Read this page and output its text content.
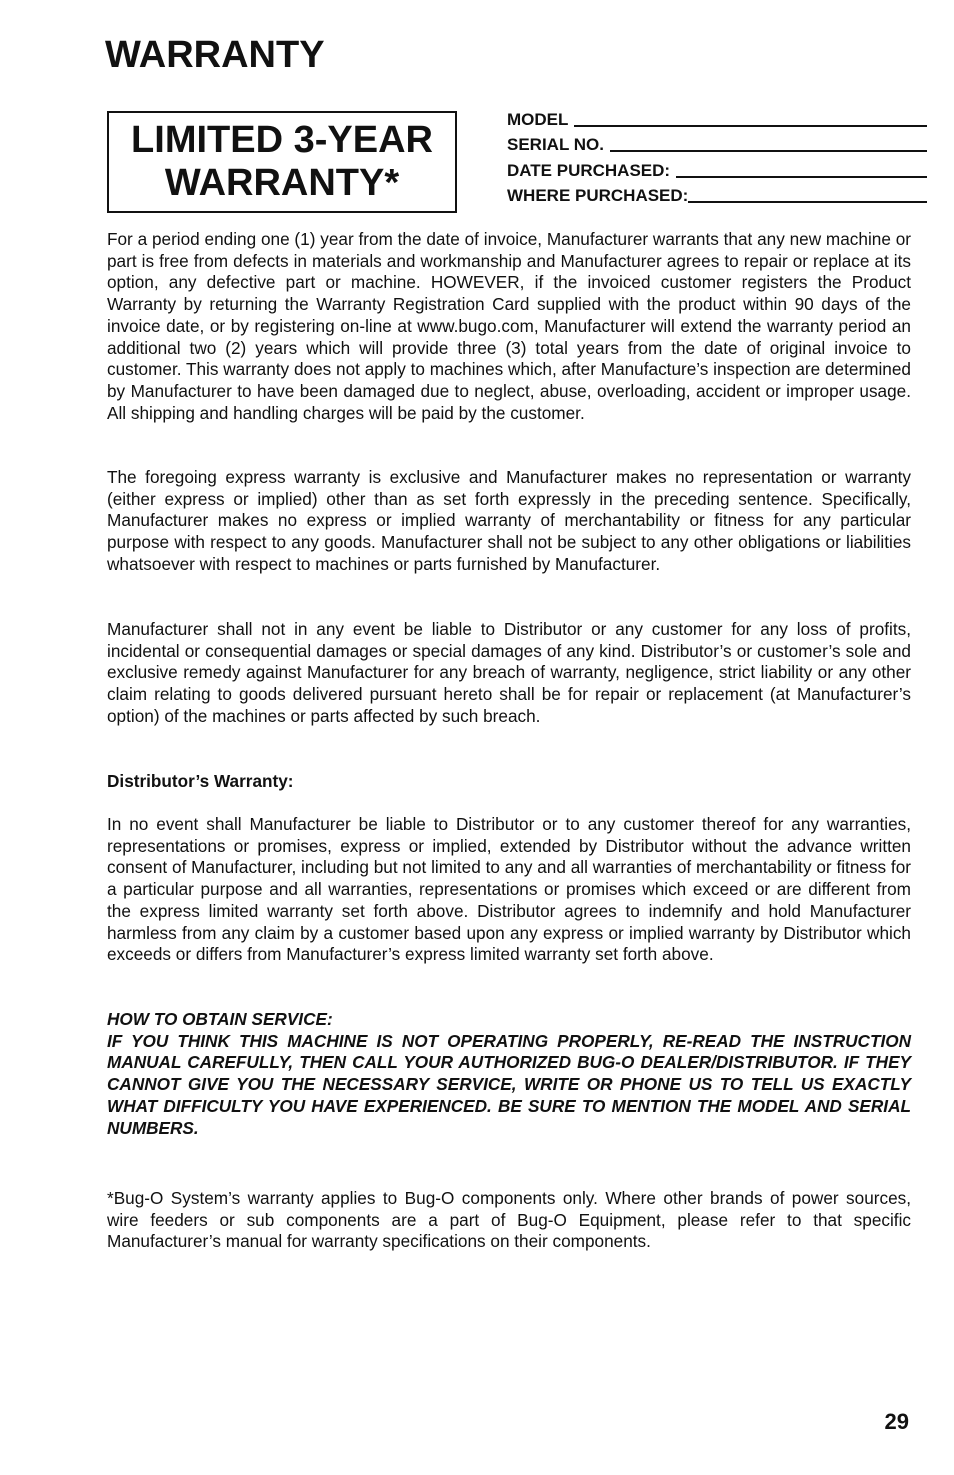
WARRANTY
LIMITED 3-YEAR
WARRANTY*
MODEL
SERIAL NO.
DATE PURCHASED:
WHERE PURCHASED:

For a period ending one (1) year from the date of invoice, Manufacturer warrants that any new machine or part is free from defects in materials and workmanship and Manufacturer agrees to repair or replace at its option, any defective part or machine. HOWEVER, if the invoiced customer registers the Product Warranty by returning the Warranty Registration Card supplied with the product within 90 days of the invoice date, or by registering on-line at www.bugo.com, Manufacturer will extend the warranty period an additional two (2) years which will provide three (3) total years from the date of original invoice to customer. This warranty does not apply to machines which, after Manufacture’s inspection are determined by Manufacturer to have been damaged due to neglect, abuse, overloading, accident or improper usage. All shipping and handling charges will be paid by the customer.

The foregoing express warranty is exclusive and Manufacturer makes no representation or warranty (either express or implied) other than as set forth expressly in the preceding sentence. Specifically, Manufacturer makes no express or implied warranty of merchantability or fitness for any particular purpose with respect to any goods. Manufacturer shall not be subject to any other obligations or liabilities whatsoever with respect to machines or parts furnished by Manufacturer.

Manufacturer shall not in any event be liable to Distributor or any customer for any loss of profits, incidental or consequential damages or special damages of any kind. Distributor’s or customer’s sole and exclusive remedy against Manufacturer for any breach of warranty, negligence, strict liability or any other claim relating to goods delivered pursuant hereto shall be for repair or replacement (at Manufacturer’s option) of the machines or parts affected by such breach.

Distributor’s Warranty:

In no event shall Manufacturer be liable to Distributor or to any customer thereof for any warranties, representations or promises, express or implied, extended by Distributor without the advance written consent of Manufacturer, including but not limited to any and all warranties of merchantability or fitness for a particular purpose and all warranties, representations or promises which exceed or are different from the express limited warranty set forth above. Distributor agrees to indemnify and hold Manufacturer harmless from any claim by a customer based upon any express or implied warranty by Distributor which exceeds or differs from Manufacturer’s express limited warranty set forth above.

HOW TO OBTAIN SERVICE:
IF YOU THINK THIS MACHINE IS NOT OPERATING PROPERLY, RE-READ THE INSTRUCTION MANUAL CAREFULLY, THEN CALL YOUR AUTHORIZED BUG-O DEALER/DISTRIBUTOR. IF THEY CANNOT GIVE YOU THE NECESSARY SERVICE, WRITE OR PHONE US TO TELL US EXACTLY WHAT DIFFICULTY YOU HAVE EXPERIENCED. BE SURE TO MENTION THE MODEL AND SERIAL NUMBERS.

*Bug-O System’s warranty applies to Bug-O components only. Where other brands of power sources, wire feeders or sub components are a part of Bug-O Equipment, please refer to that specific Manufacturer’s manual for warranty specifications on their components.

29
